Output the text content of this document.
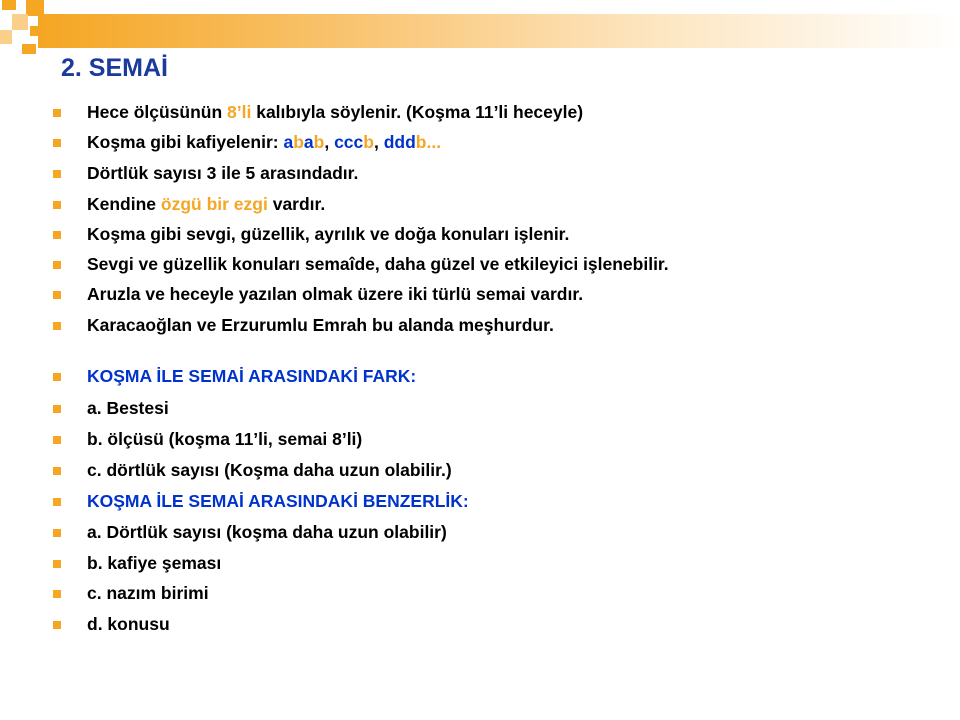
2. SEMAİ
Hece ölçüsünün 8’li kalıbıyla söylenir. (Koşma 11’li heceyle)
Koşma gibi kafiyelenir: abab, cccb, dddb...
Dörtlük sayısı 3 ile 5 arasındadır.
Kendine özgü bir ezgi vardır.
Koşma gibi sevgi, güzellik, ayrılık ve doğa konuları işlenir.
Sevgi ve güzellik konuları semaîde, daha güzel ve etkileyici işlenebilir.
Aruzla ve heceyle yazılan olmak üzere iki türlü semai vardır.
Karacaoğlan ve Erzurumlu Emrah bu alanda meşhurdur.
KOŞMA İLE SEMAİ ARASINDAKİ FARK:
a. Bestesi
b. ölçüsü (koşma 11’li, semai 8’li)
c. dörtlük sayısı (Koşma daha uzun olabilir.)
KOŞMA İLE SEMAİ ARASINDAKİ BENZERLİK:
a. Dörtlük sayısı (koşma daha uzun olabilir)
b. kafiye şeması
c. nazım birimi
d. konusu
